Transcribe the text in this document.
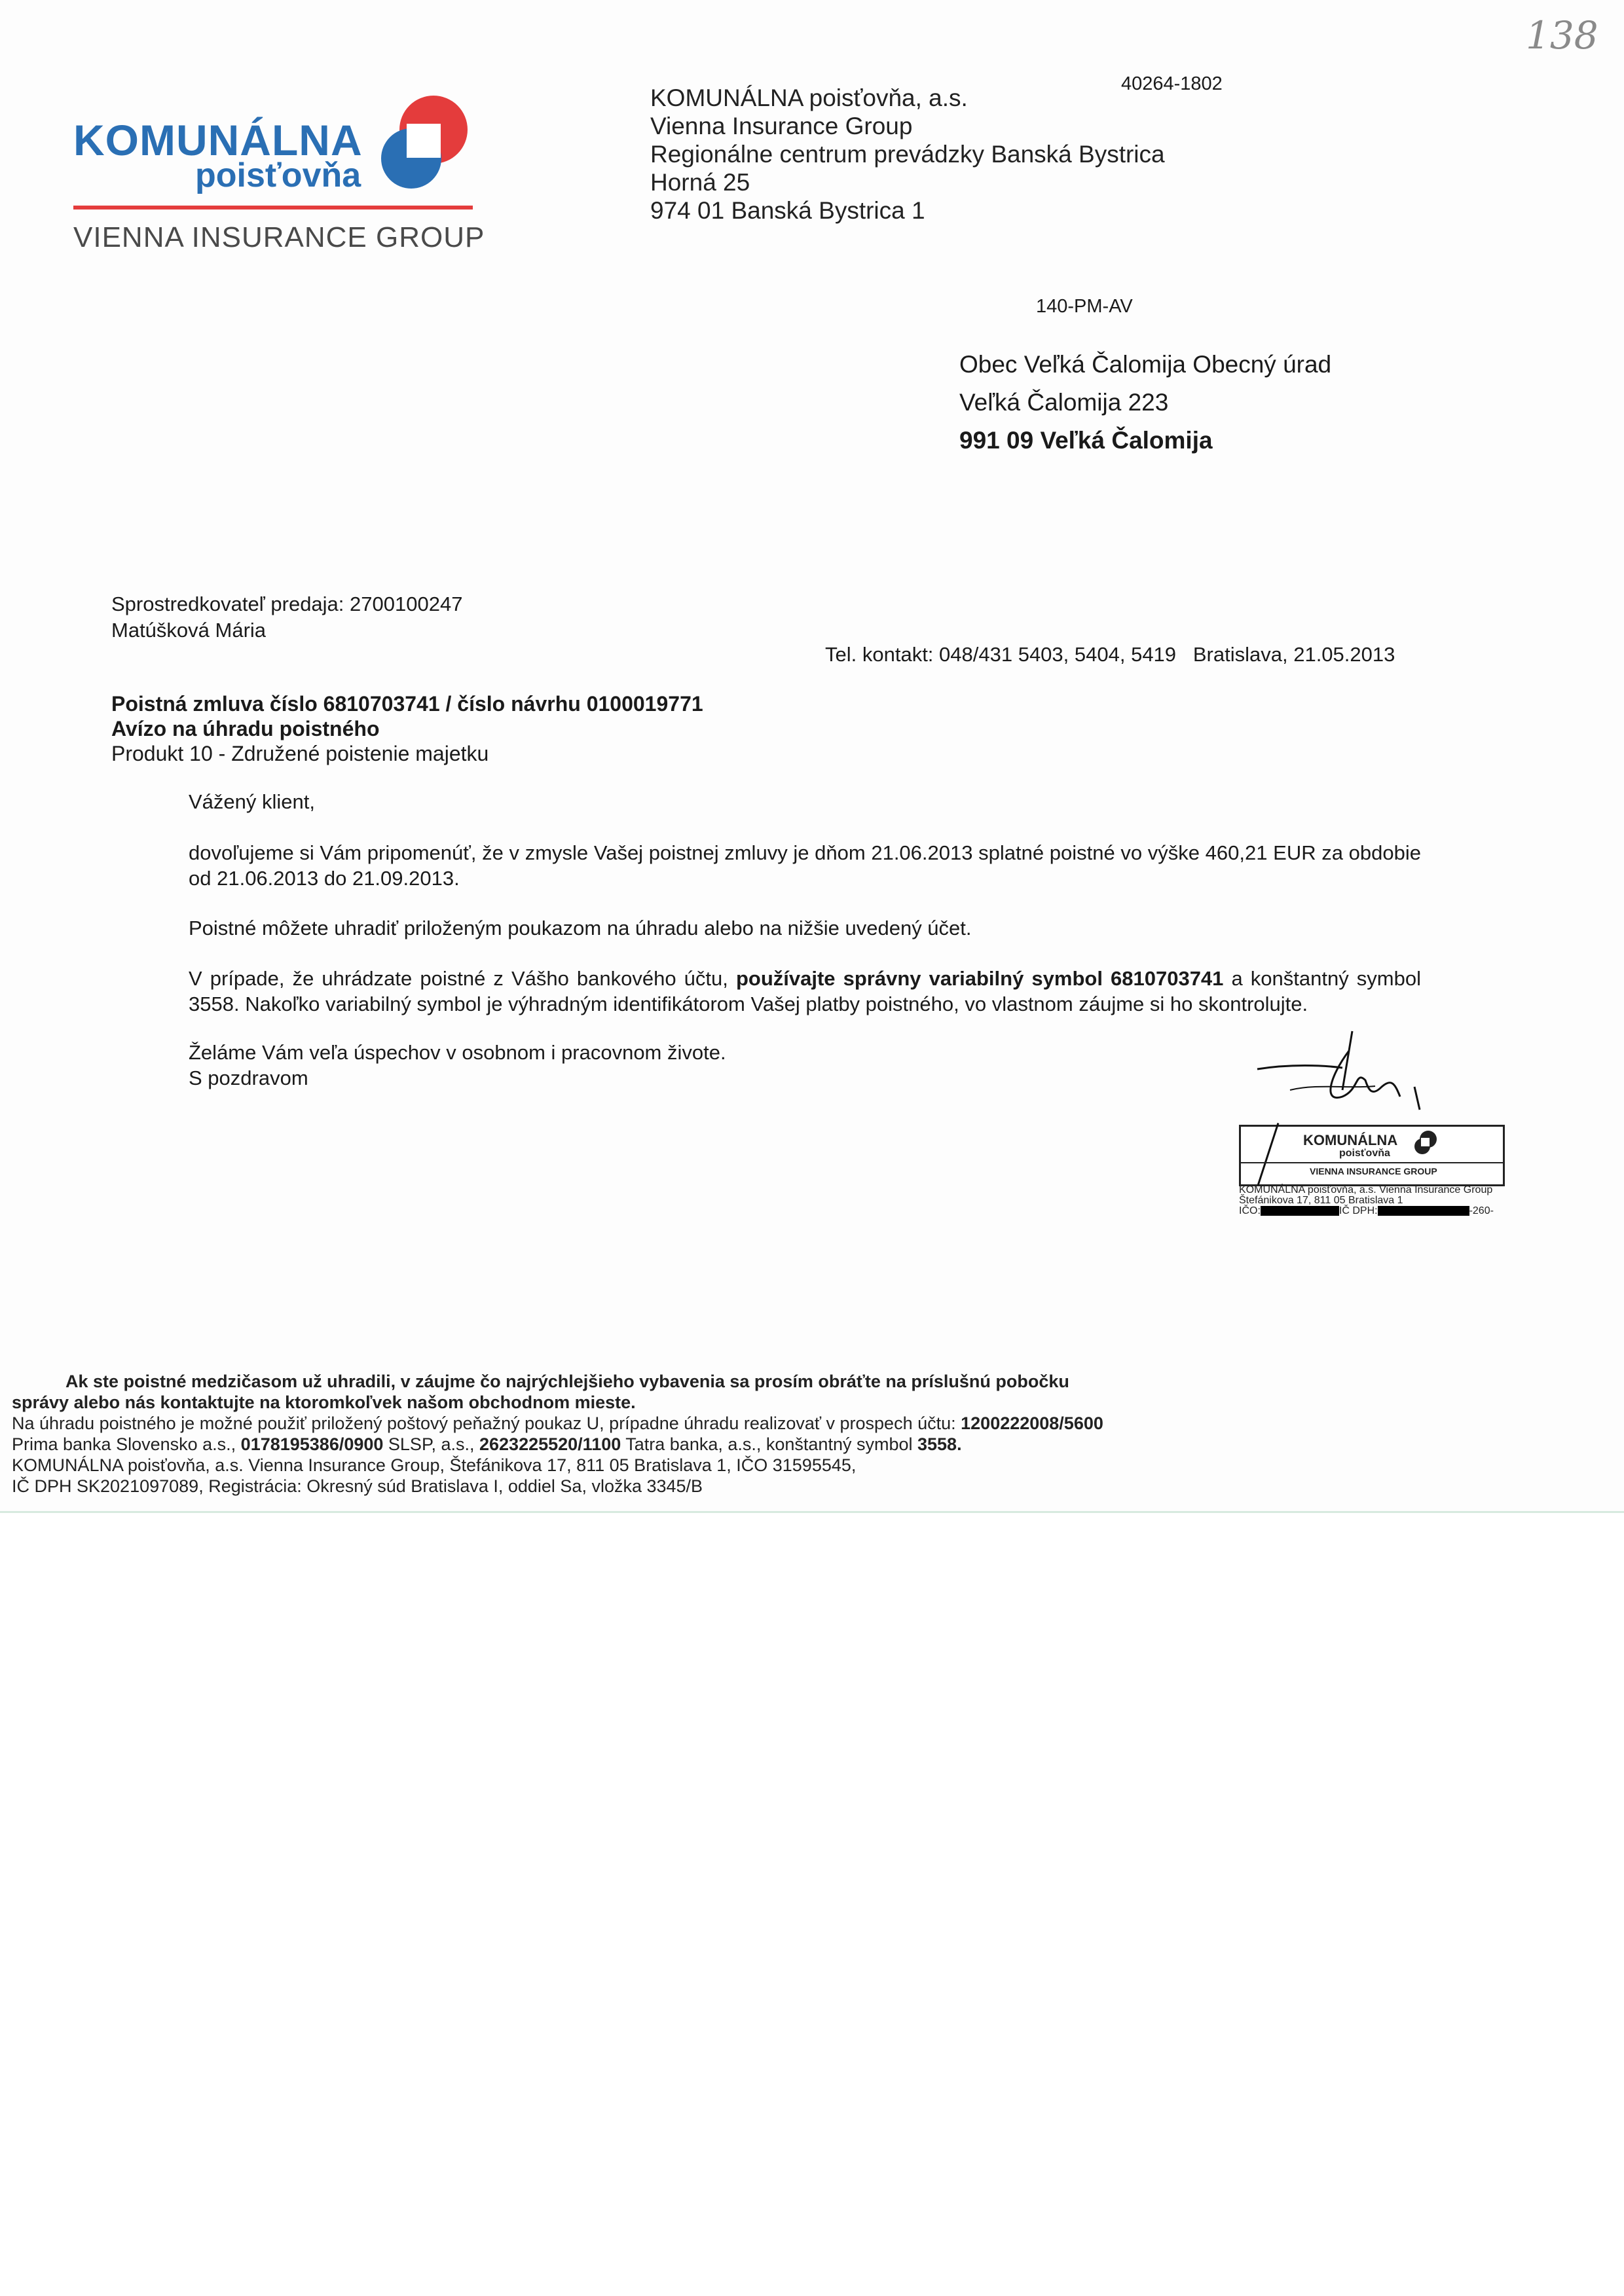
138
KOMUNÁLNA
poisťovňa
VIENNA INSURANCE GROUP
40264-1802
KOMUNÁLNA poisťovňa, a.s.
Vienna Insurance Group
Regionálne centrum prevádzky Banská Bystrica
Horná 25
974 01 Banská Bystrica 1
140-PM-AV
Obec Veľká Čalomija Obecný úrad
Veľká Čalomija 223
991 09 Veľká Čalomija
Sprostredkovateľ predaja: 2700100247
Matúšková Mária
Tel. kontakt: 048/431 5403, 5404, 5419   Bratislava, 21.05.2013
Poistná zmluva číslo 6810703741 / číslo návrhu 0100019771
Avízo na úhradu poistného
Produkt 10 - Združené poistenie majetku

Vážený klient,

dovoľujeme si Vám pripomenúť, že v zmysle Vašej poistnej zmluvy je dňom 21.06.2013 splatné poistné vo výške 460,21 EUR za obdobie od 21.06.2013 do 21.09.2013.

Poistné môžete uhradiť priloženým poukazom na úhradu alebo na nižšie uvedený účet.

V prípade, že uhrádzate poistné z Vášho bankového účtu, používajte správny variabilný symbol 6810703741 a konštantný symbol 3558. Nakoľko variabilný symbol je výhradným identifikátorom Vašej platby poistného, vo vlastnom záujme si ho skontrolujte.

Želáme Vám veľa úspechov v osobnom i pracovnom živote.

S pozdravom

KOMUNÁLNA
poisťovňa
VIENNA INSURANCE GROUP
KOMUNÁLNA poisťovňa, a.s. Vienna Insurance Group
Štefánikova 17, 811 05 Bratislava 1
IČO:	IČ DPH:	-260-
Ak ste poistné medzičasom už uhradili, v záujme čo najrýchlejšieho vybavenia sa prosím obráťte na príslušnú pobočku
správy alebo nás kontaktujte na ktoromkoľvek našom obchodnom mieste.
Na úhradu poistného je možné použiť priložený poštový peňažný poukaz U, prípadne úhradu realizovať v prospech účtu: 1200222008/5600
Prima banka Slovensko a.s., 0178195386/0900 SLSP, a.s., 2623225520/1100 Tatra banka, a.s., konštantný symbol 3558.
KOMUNÁLNA poisťovňa, a.s. Vienna Insurance Group, Štefánikova 17, 811 05 Bratislava 1, IČO 31595545,
IČ DPH SK2021097089, Registrácia: Okresný súd Bratislava I, oddiel Sa, vložka 3345/B
